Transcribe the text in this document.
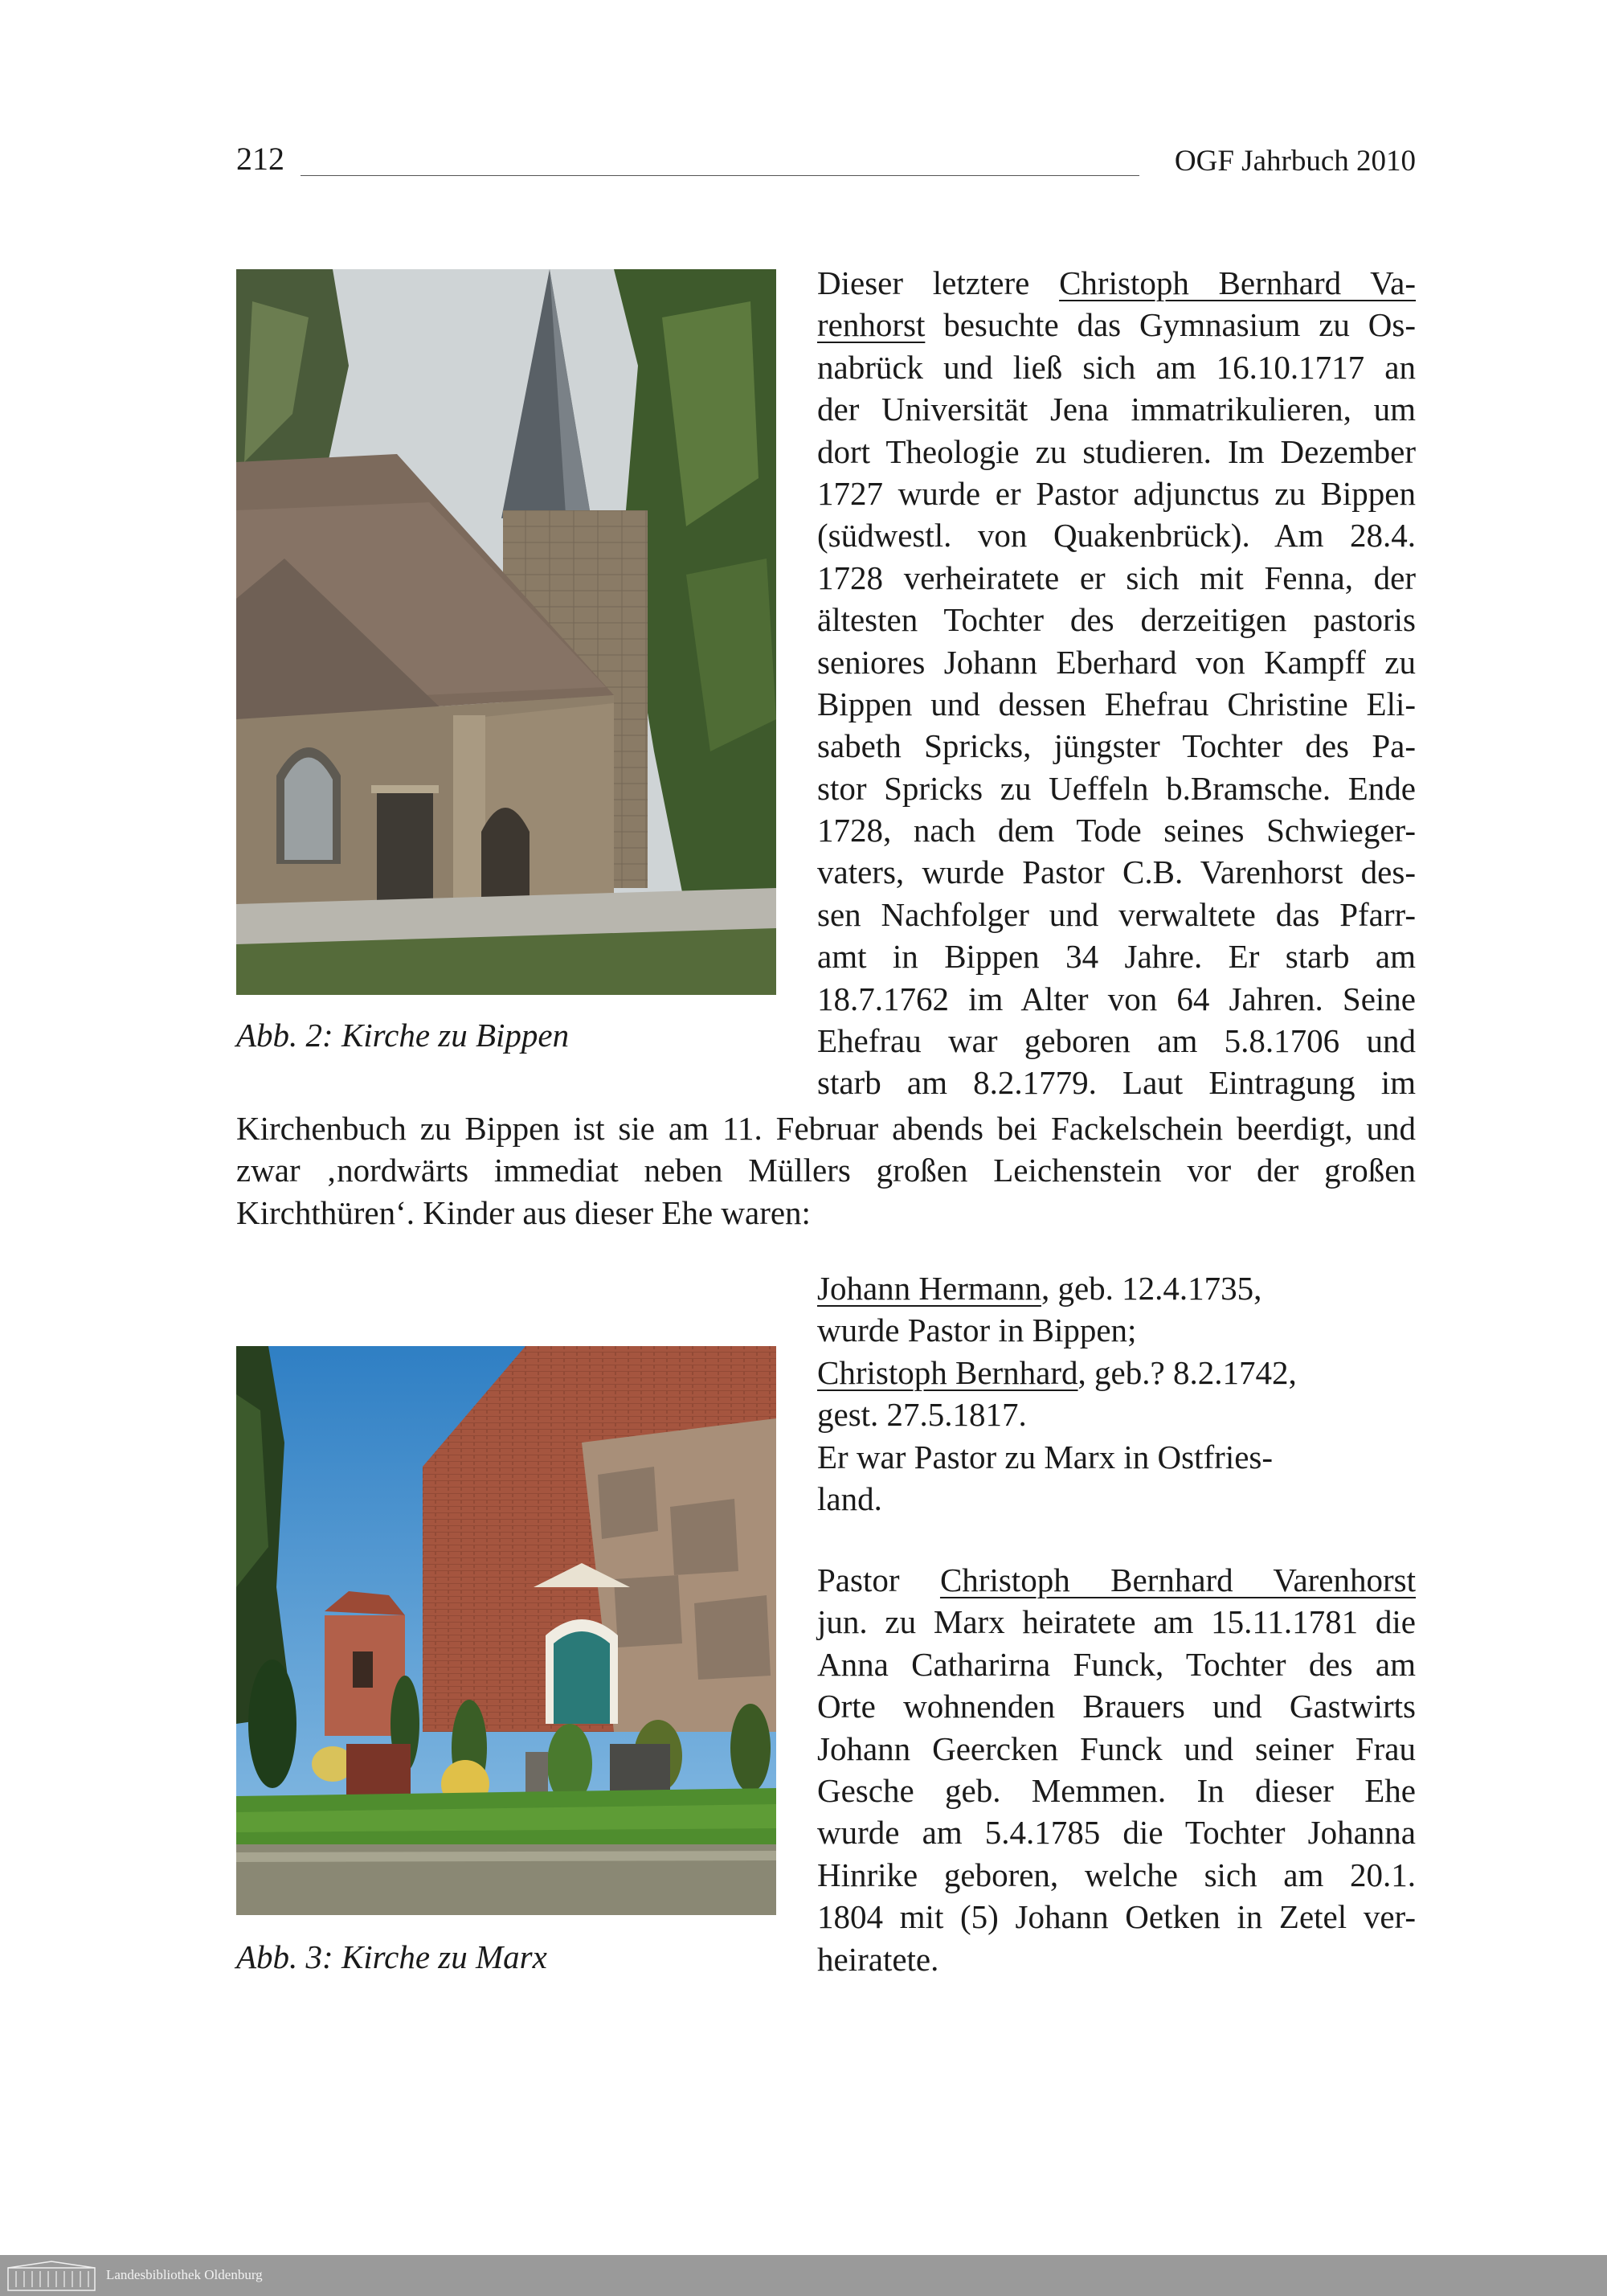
212	OGF Jahrbuch 2010
Abb. 2: Kirche zu Bippen
Dieser letztere Christoph Bernhard Va-
renhorst besuchte das Gymnasium zu Os-
nabrück und ließ sich am 16.10.1717 an
der Universität Jena immatrikulieren, um
dort Theologie zu studieren. Im Dezember
1727 wurde er Pastor adjunctus zu Bippen
(südwestl. von Quakenbrück). Am 28.4.
1728 verheiratete er sich mit Fenna, der
ältesten Tochter des derzeitigen pastoris
seniores Johann Eberhard von Kampff zu
Bippen und dessen Ehefrau Christine Eli-
sabeth Spricks, jüngster Tochter des Pa-
stor Spricks zu Ueffeln b.Bramsche. Ende
1728, nach dem Tode seines Schwieger-
vaters, wurde Pastor C.B. Varenhorst des-
sen Nachfolger und verwaltete das Pfarr-
amt in Bippen 34 Jahre. Er starb am
18.7.1762 im Alter von 64 Jahren. Seine
Ehefrau war geboren am 5.8.1706 und
starb am 8.2.1779. Laut Eintragung im
Kirchenbuch zu Bippen ist sie am 11. Februar abends bei Fackelschein beerdigt, und
zwar ‚nordwärts immediat neben Müllers großen Leichenstein vor der großen
Kirchthüren‘. Kinder aus dieser Ehe waren:
Abb. 3: Kirche zu Marx
Johann Hermann, geb. 12.4.1735,
wurde Pastor in Bippen;
Christoph Bernhard, geb.? 8.2.1742,
gest. 27.5.1817.
Er war Pastor zu Marx in Ostfries-
land.
Pastor Christoph Bernhard Varenhorst
jun. zu Marx heiratete am 15.11.1781 die
Anna Catharirna Funck, Tochter des am
Orte wohnenden Brauers und Gastwirts
Johann Geercken Funck und seiner Frau
Gesche geb. Memmen. In dieser Ehe
wurde am 5.4.1785 die Tochter Johanna
Hinrike geboren, welche sich am 20.1.
1804 mit (5) Johann Oetken in Zetel ver-
heiratete.
Landesbibliothek Oldenburg
